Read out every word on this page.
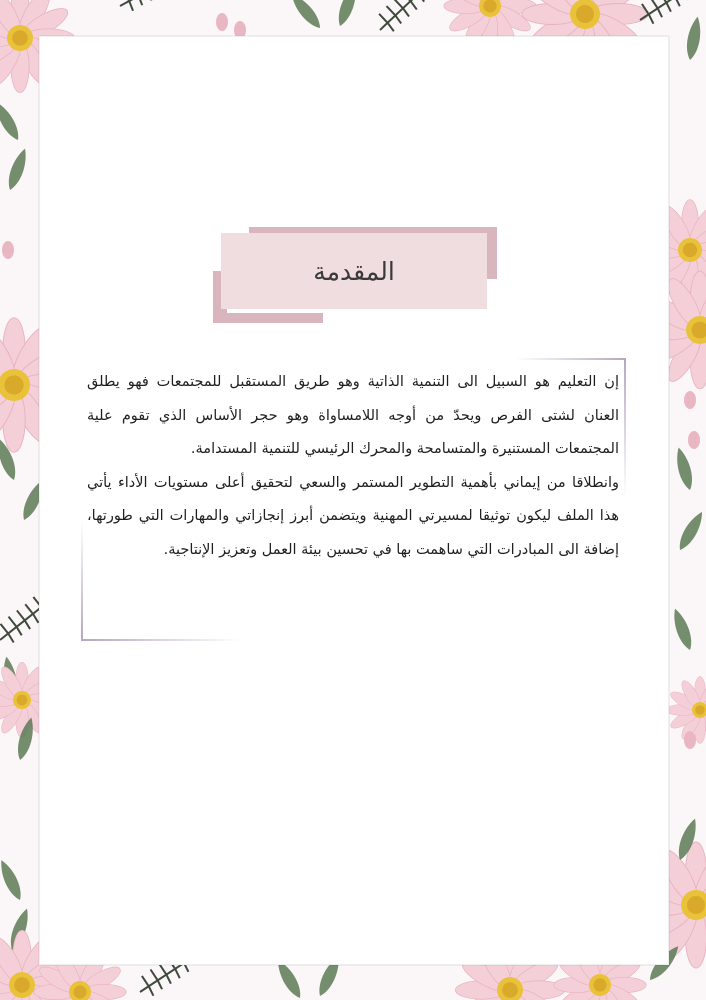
المقدمة

إن التعليم هو السبيل الى التنمية الذاتية وهو طريق المستقبل للمجتمعات فهو يطلق العنان لشتى الفرص ويحدّ من أوجه اللامساواة وهو حجر الأساس الذي تقوم علية المجتمعات المستنيرة والمتسامحة والمحرك الرئيسي للتنمية المستدامة.

وانطلاقا من إيماني بأهمية التطوير المستمر والسعي لتحقيق أعلى مستويات الأداء يأتي هذا الملف ليكون توثيقا لمسيرتي المهنية ويتضمن أبرز إنجازاتي والمهارات التي طورتها، إضافة الى المبادرات التي ساهمت بها في تحسين بيئة العمل وتعزيز الإنتاجية.
